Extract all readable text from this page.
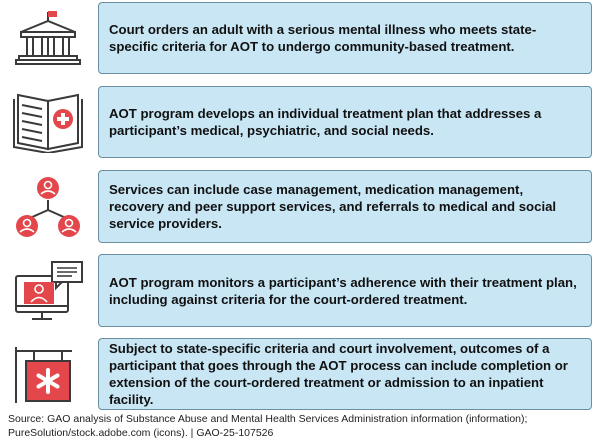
Court orders an adult with a serious mental illness who meets state-specific criteria for AOT to undergo community-based treatment.
AOT program develops an individual treatment plan that addresses a participant’s medical, psychiatric, and social needs.
Services can include case management, medication management, recovery and peer support services, and referrals to medical and social service providers.
AOT program monitors a participant’s adherence with their treatment plan, including against criteria for the court-ordered treatment.
Subject to state-specific criteria and court involvement, outcomes of a participant that goes through the AOT process can include completion or extension of the court-ordered treatment or admission to an inpatient facility.
Source: GAO analysis of Substance Abuse and Mental Health Services Administration information (information);
PureSolution/stock.adobe.com (icons). | GAO-25-107526
